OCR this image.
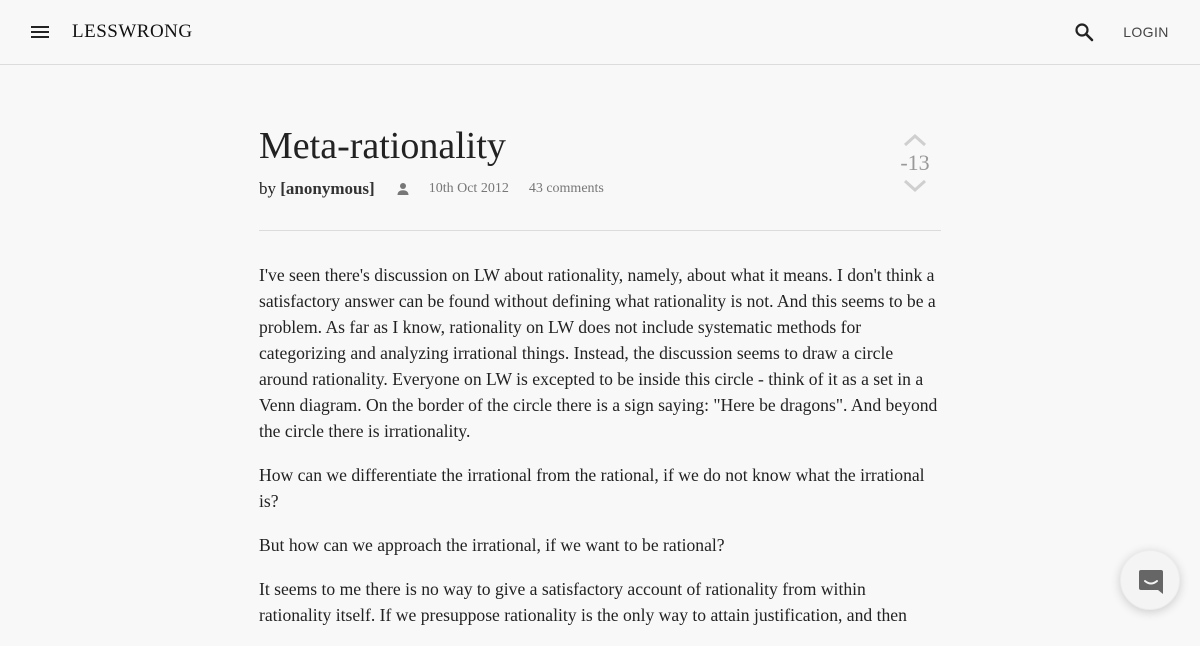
LESSWRONG	LOGIN
Meta-rationality
by [anonymous]	10th Oct 2012 43 comments
-13

I've seen there's discussion on LW about rationality, namely, about what it means. I don't think a satisfactory answer can be found without defining what rationality is not. And this seems to be a problem. As far as I know, rationality on LW does not include systematic methods for categorizing and analyzing irrational things. Instead, the discussion seems to draw a circle around rationality. Everyone on LW is excepted to be inside this circle - think of it as a set in a Venn diagram. On the border of the circle there is a sign saying: "Here be dragons". And beyond the circle there is irrationality.

How can we differentiate the irrational from the rational, if we do not know what the irrational is?

But how can we approach the irrational, if we want to be rational?

It seems to me there is no way to give a satisfactory account of rationality from within rationality itself. If we presuppose rationality is the only way to attain justification, and then
